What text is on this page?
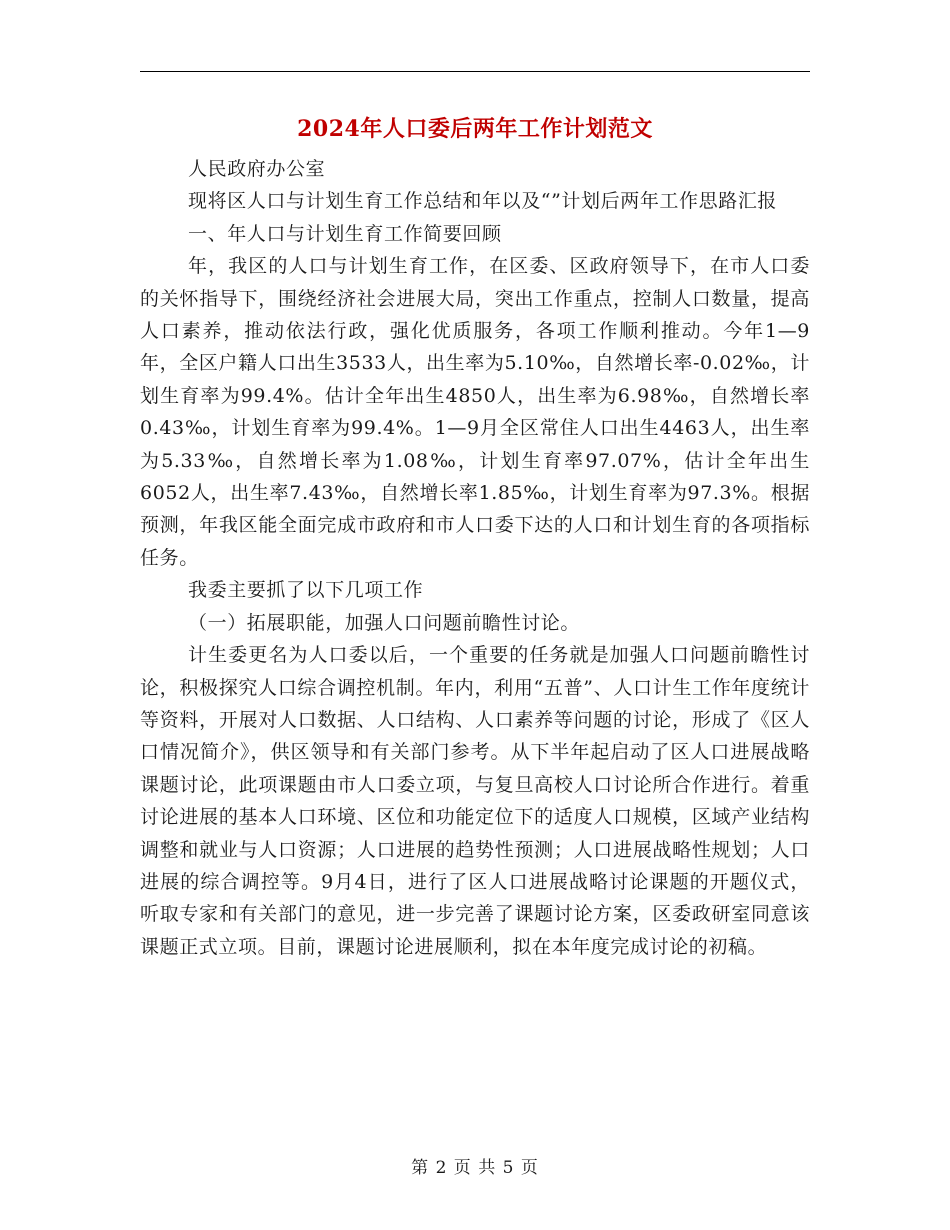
2024年人口委后两年工作计划范文

人民政府办公室

现将区人口与计划生育工作总结和年以及“”计划后两年工作思路汇报

一、年人口与计划生育工作简要回顾

年，我区的人口与计划生育工作，在区委、区政府领导下，在市人口委的关怀指导下，围绕经济社会进展大局，突出工作重点，控制人口数量，提高人口素养，推动依法行政，强化优质服务，各项工作顺利推动。今年1—9年，全区户籍人口出生3533人，出生率为5.10‰，自然增长率-0.02‰，计划生育率为99.4%。估计全年出生4850人，出生率为6.98‰，自然增长率0.43‰，计划生育率为99.4%。1—9月全区常住人口出生4463人，出生率为5.33‰，自然增长率为1.08‰，计划生育率97.07%，估计全年出生6052人，出生率7.43‰，自然增长率1.85‰，计划生育率为97.3%。根据预测，年我区能全面完成市政府和市人口委下达的人口和计划生育的各项指标任务。

我委主要抓了以下几项工作

（一）拓展职能，加强人口问题前瞻性讨论。

计生委更名为人口委以后，一个重要的任务就是加强人口问题前瞻性讨论，积极探究人口综合调控机制。年内，利用“五普”、人口计生工作年度统计等资料，开展对人口数据、人口结构、人口素养等问题的讨论，形成了《区人口情况简介》，供区领导和有关部门参考。从下半年起启动了区人口进展战略课题讨论，此项课题由市人口委立项，与复旦高校人口讨论所合作进行。着重讨论进展的基本人口环境、区位和功能定位下的适度人口规模，区域产业结构调整和就业与人口资源；人口进展的趋势性预测；人口进展战略性规划；人口进展的综合调控等。9月4日，进行了区人口进展战略讨论课题的开题仪式，听取专家和有关部门的意见，进一步完善了课题讨论方案，区委政研室同意该课题正式立项。目前，课题讨论进展顺利，拟在本年度完成讨论的初稿。

第 2 页 共 5 页
